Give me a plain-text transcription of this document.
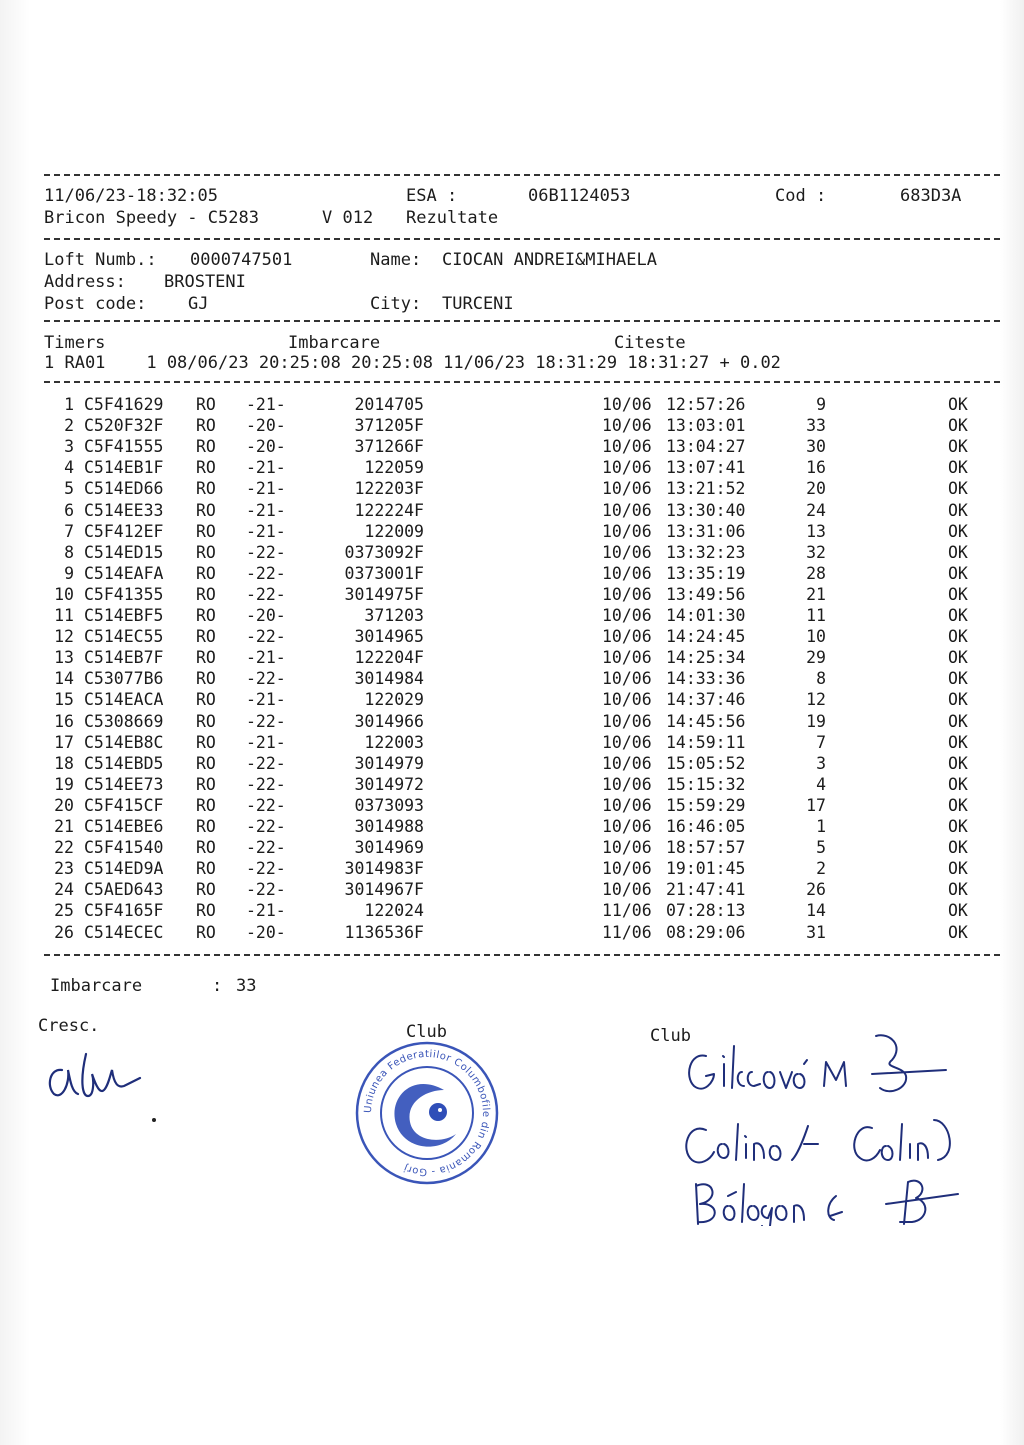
11/06/23-18:32:05	ESA :	06B1124053	Cod :	683D3A
Bricon Speedy - C5283	V 012 Rezultate
Loft Numb.: 0000747501	Name: CIOCAN ANDREI&MIHAELA
Address: BROSTENI
Post code: GJ	City: TURCENI
Timers	Imbarcare	Citeste
1 RA01    1 08/06/23 20:25:08 20:25:08 11/06/23 18:31:29 18:31:27 + 0.02
1 C5F41629 RO -21-	2014705	10/06 12:57:26	9	OK
2 C520F32F RO -20-	371205F	10/06 13:03:01	33	OK
3 C5F41555 RO -20-	371266F	10/06 13:04:27	30	OK
4 C514EB1F RO -21-	122059	10/06 13:07:41	16	OK
5 C514ED66 RO -21-	122203F	10/06 13:21:52	20	OK
6 C514EE33 RO -21-	122224F	10/06 13:30:40	24	OK
7 C5F412EF RO -21-	122009	10/06 13:31:06	13	OK
8 C514ED15 RO -22-	0373092F	10/06 13:32:23	32	OK
9 C514EAFA RO -22-	0373001F	10/06 13:35:19	28	OK
10 C5F41355 RO -22-	3014975F	10/06 13:49:56	21	OK
11 C514EBF5 RO -20-	371203	10/06 14:01:30	11	OK
12 C514EC55 RO -22-	3014965	10/06 14:24:45	10	OK
13 C514EB7F RO -21-	122204F	10/06 14:25:34	29	OK
14 C53077B6 RO -22-	3014984	10/06 14:33:36	8	OK
15 C514EACA RO -21-	122029	10/06 14:37:46	12	OK
16 C5308669 RO -22-	3014966	10/06 14:45:56	19	OK
17 C514EB8C RO -21-	122003	10/06 14:59:11	7	OK
18 C514EBD5 RO -22-	3014979	10/06 15:05:52	3	OK
19 C514EE73 RO -22-	3014972	10/06 15:15:32	4	OK
20 C5F415CF RO -22-	0373093	10/06 15:59:29	17	OK
21 C514EBE6 RO -22-	3014988	10/06 16:46:05	1	OK
22 C5F41540 RO -22-	3014969	10/06 18:57:57	5	OK
23 C514ED9A RO -22-	3014983F	10/06 19:01:45	2	OK
24 C5AED643 RO -22-	3014967F	10/06 21:47:41	26	OK
25 C5F4165F RO -21-	122024	11/06 07:28:13	14	OK
26 C514ECEC RO -20-	1136536F	11/06 08:29:06	31	OK
Imbarcare	: 33
Cresc.	Club	Club
Uniunea Federatiilor Columbofile din Romania - Gorj
